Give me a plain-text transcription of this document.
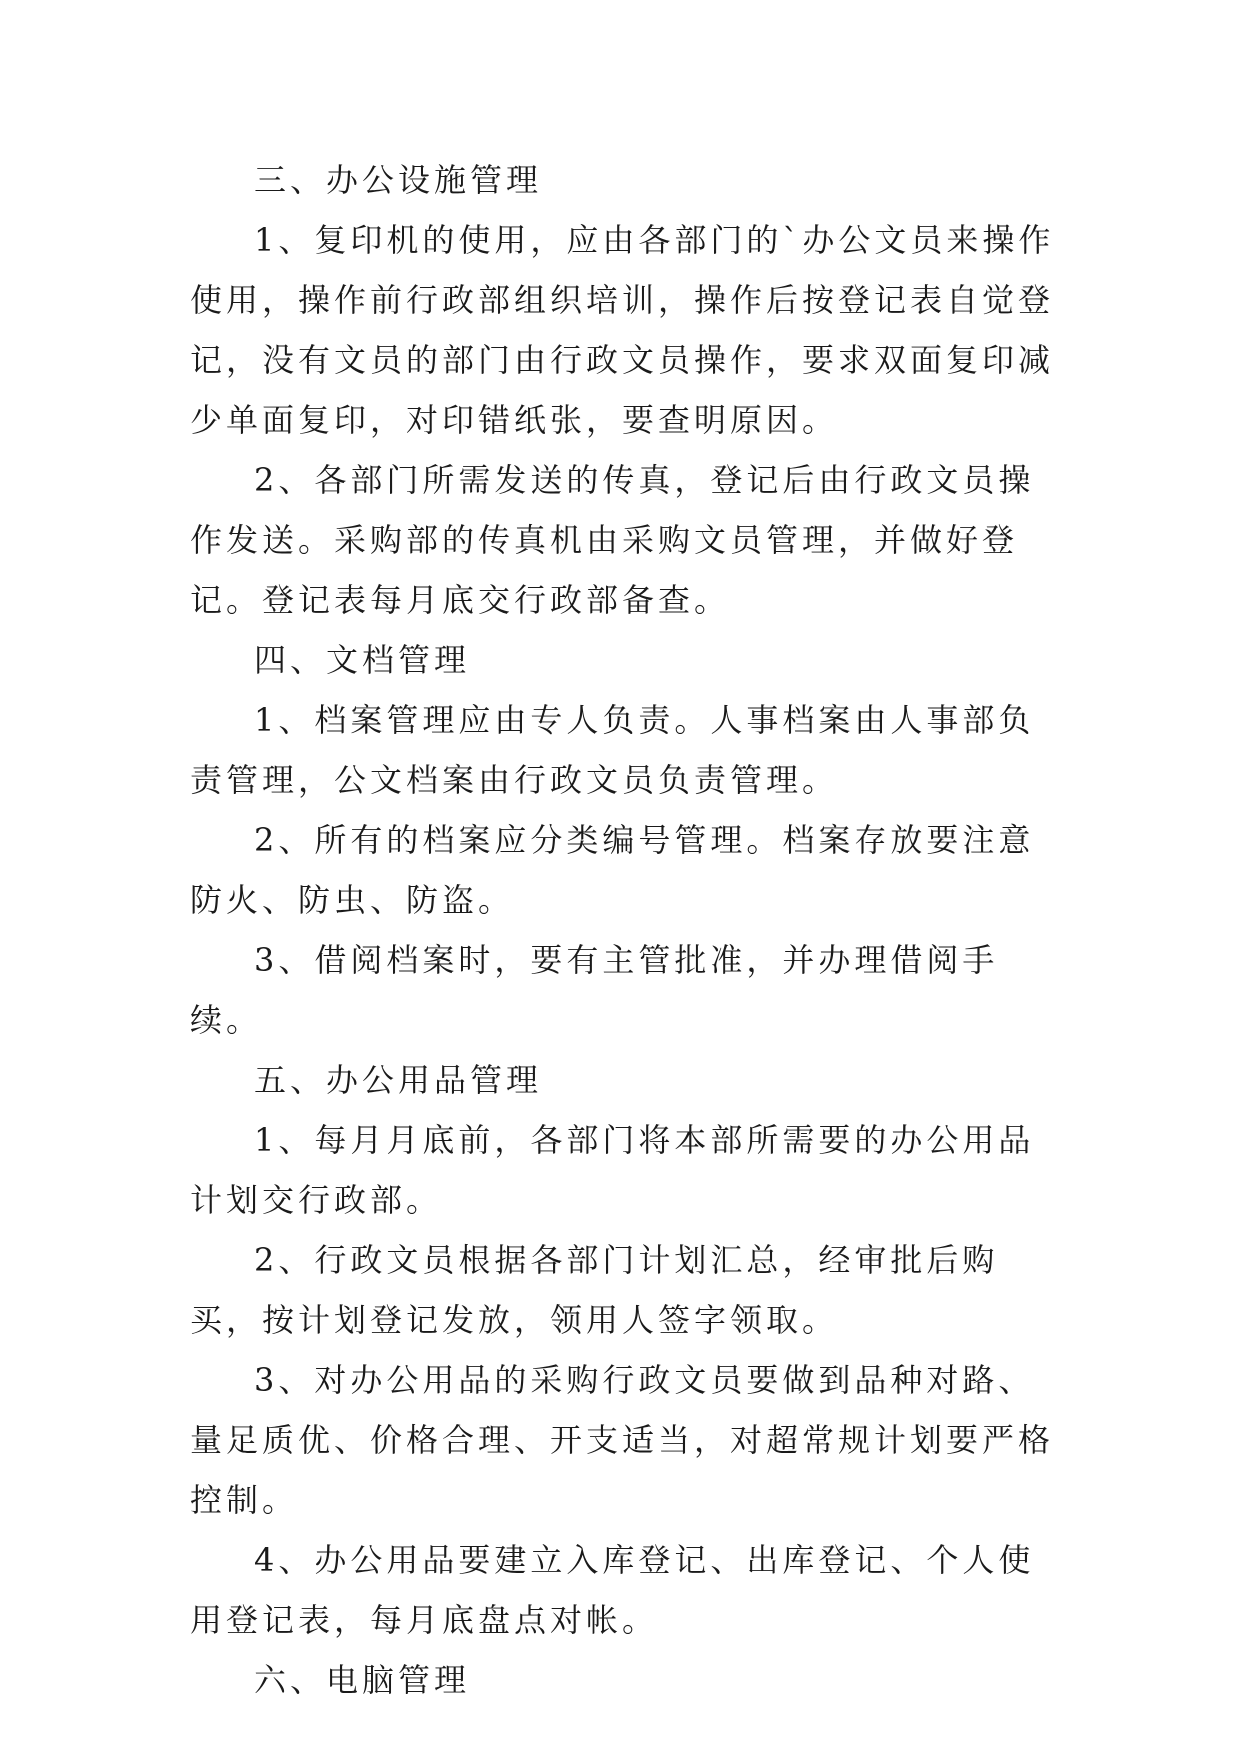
三、办公设施管理

1、复印机的使用，应由各部门的`办公文员来操作使用，操作前行政部组织培训，操作后按登记表自觉登记，没有文员的部门由行政文员操作，要求双面复印减少单面复印，对印错纸张，要查明原因。

2、各部门所需发送的传真，登记后由行政文员操作发送。采购部的传真机由采购文员管理，并做好登记。登记表每月底交行政部备查。

四、文档管理

1、档案管理应由专人负责。人事档案由人事部负责管理，公文档案由行政文员负责管理。

2、所有的档案应分类编号管理。档案存放要注意防火、防虫、防盗。

3、借阅档案时，要有主管批准，并办理借阅手续。

五、办公用品管理

1、每月月底前，各部门将本部所需要的办公用品计划交行政部。

2、行政文员根据各部门计划汇总，经审批后购买，按计划登记发放，领用人签字领取。

3、对办公用品的采购行政文员要做到品种对路、量足质优、价格合理、开支适当，对超常规计划要严格控制。

4、办公用品要建立入库登记、出库登记、个人使用登记表，每月底盘点对帐。

六、电脑管理
